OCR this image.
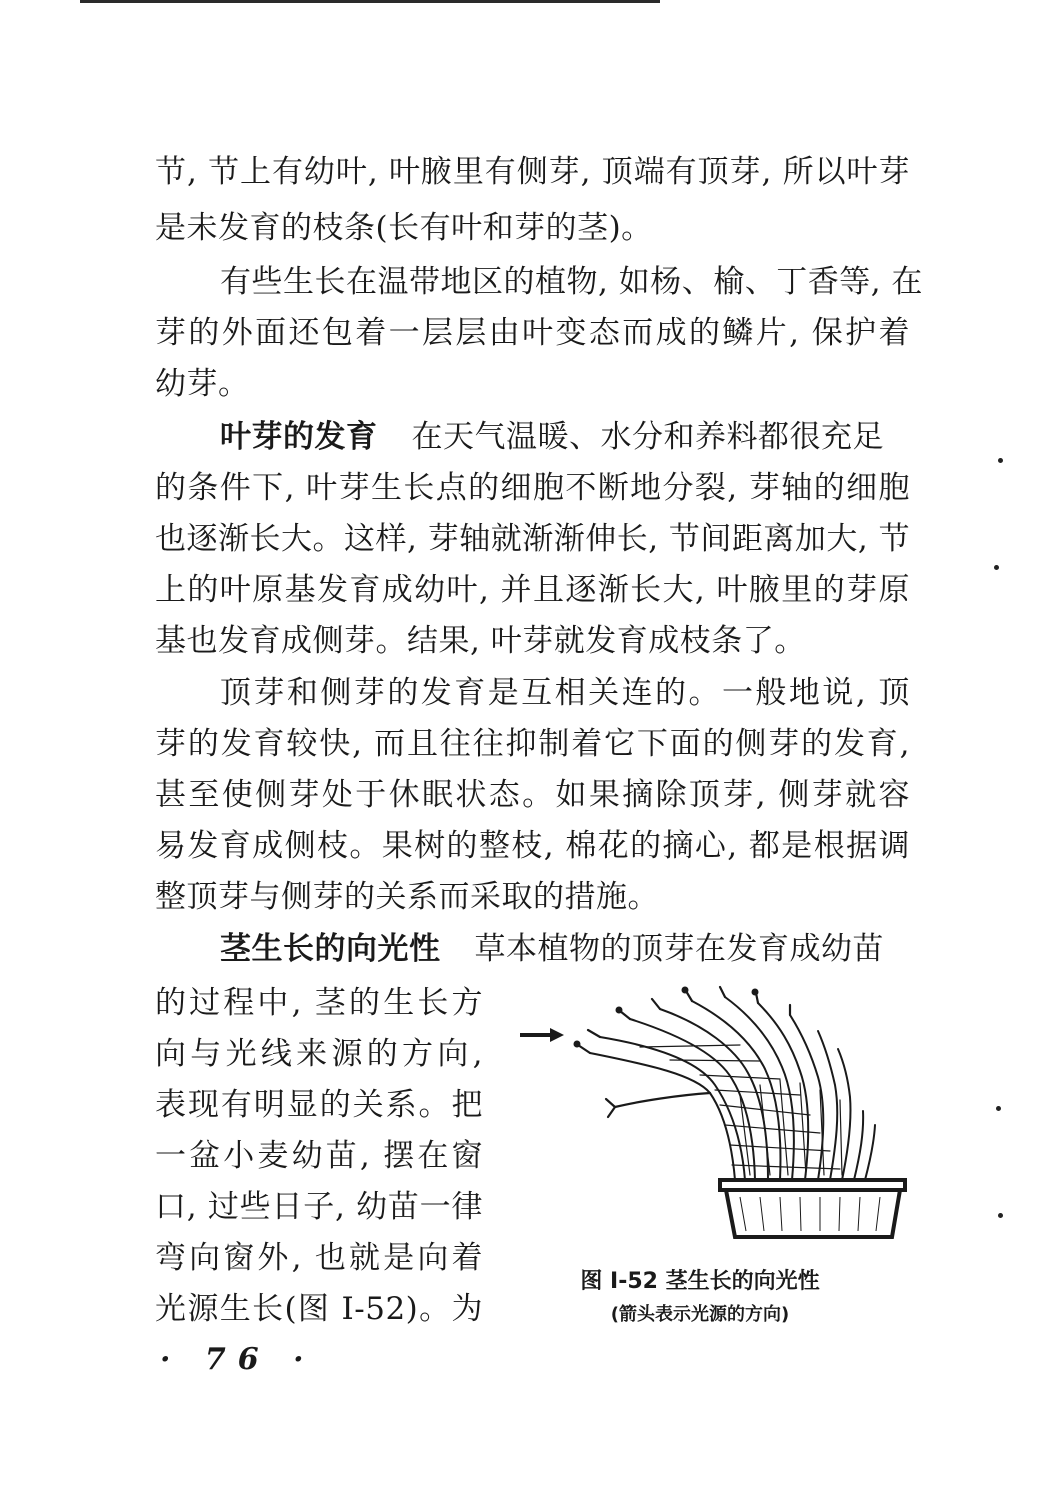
节, 节上有幼叶, 叶腋里有侧芽, 顶端有顶芽, 所以叶芽
是未发育的枝条(长有叶和芽的茎)。
有些生长在温带地区的植物, 如杨、榆、丁香等, 在
芽的外面还包着一层层由叶变态而成的鳞片, 保护着
幼芽。
叶芽的发育 在天气温暖、水分和养料都很充足
的条件下, 叶芽生长点的细胞不断地分裂, 芽轴的细胞
也逐渐长大。这样, 芽轴就渐渐伸长, 节间距离加大, 节
上的叶原基发育成幼叶, 并且逐渐长大, 叶腋里的芽原
基也发育成侧芽。结果, 叶芽就发育成枝条了。
顶芽和侧芽的发育是互相关连的。一般地说, 顶
芽的发育较快, 而且往往抑制着它下面的侧芽的发育,
甚至使侧芽处于休眠状态。如果摘除顶芽, 侧芽就容
易发育成侧枝。果树的整枝, 棉花的摘心, 都是根据调
整顶芽与侧芽的关系而采取的措施。
茎生长的向光性 草本植物的顶芽在发育成幼苗
的过程中, 茎的生长方
向与光线来源的方向,
表现有明显的关系。把
一盆小麦幼苗, 摆在窗
口, 过些日子, 幼苗一律
弯向窗外, 也就是向着
光源生长(图 I-52)。为
图 I-52 茎生长的向光性
(箭头表示光源的方向)
· 76 ·
